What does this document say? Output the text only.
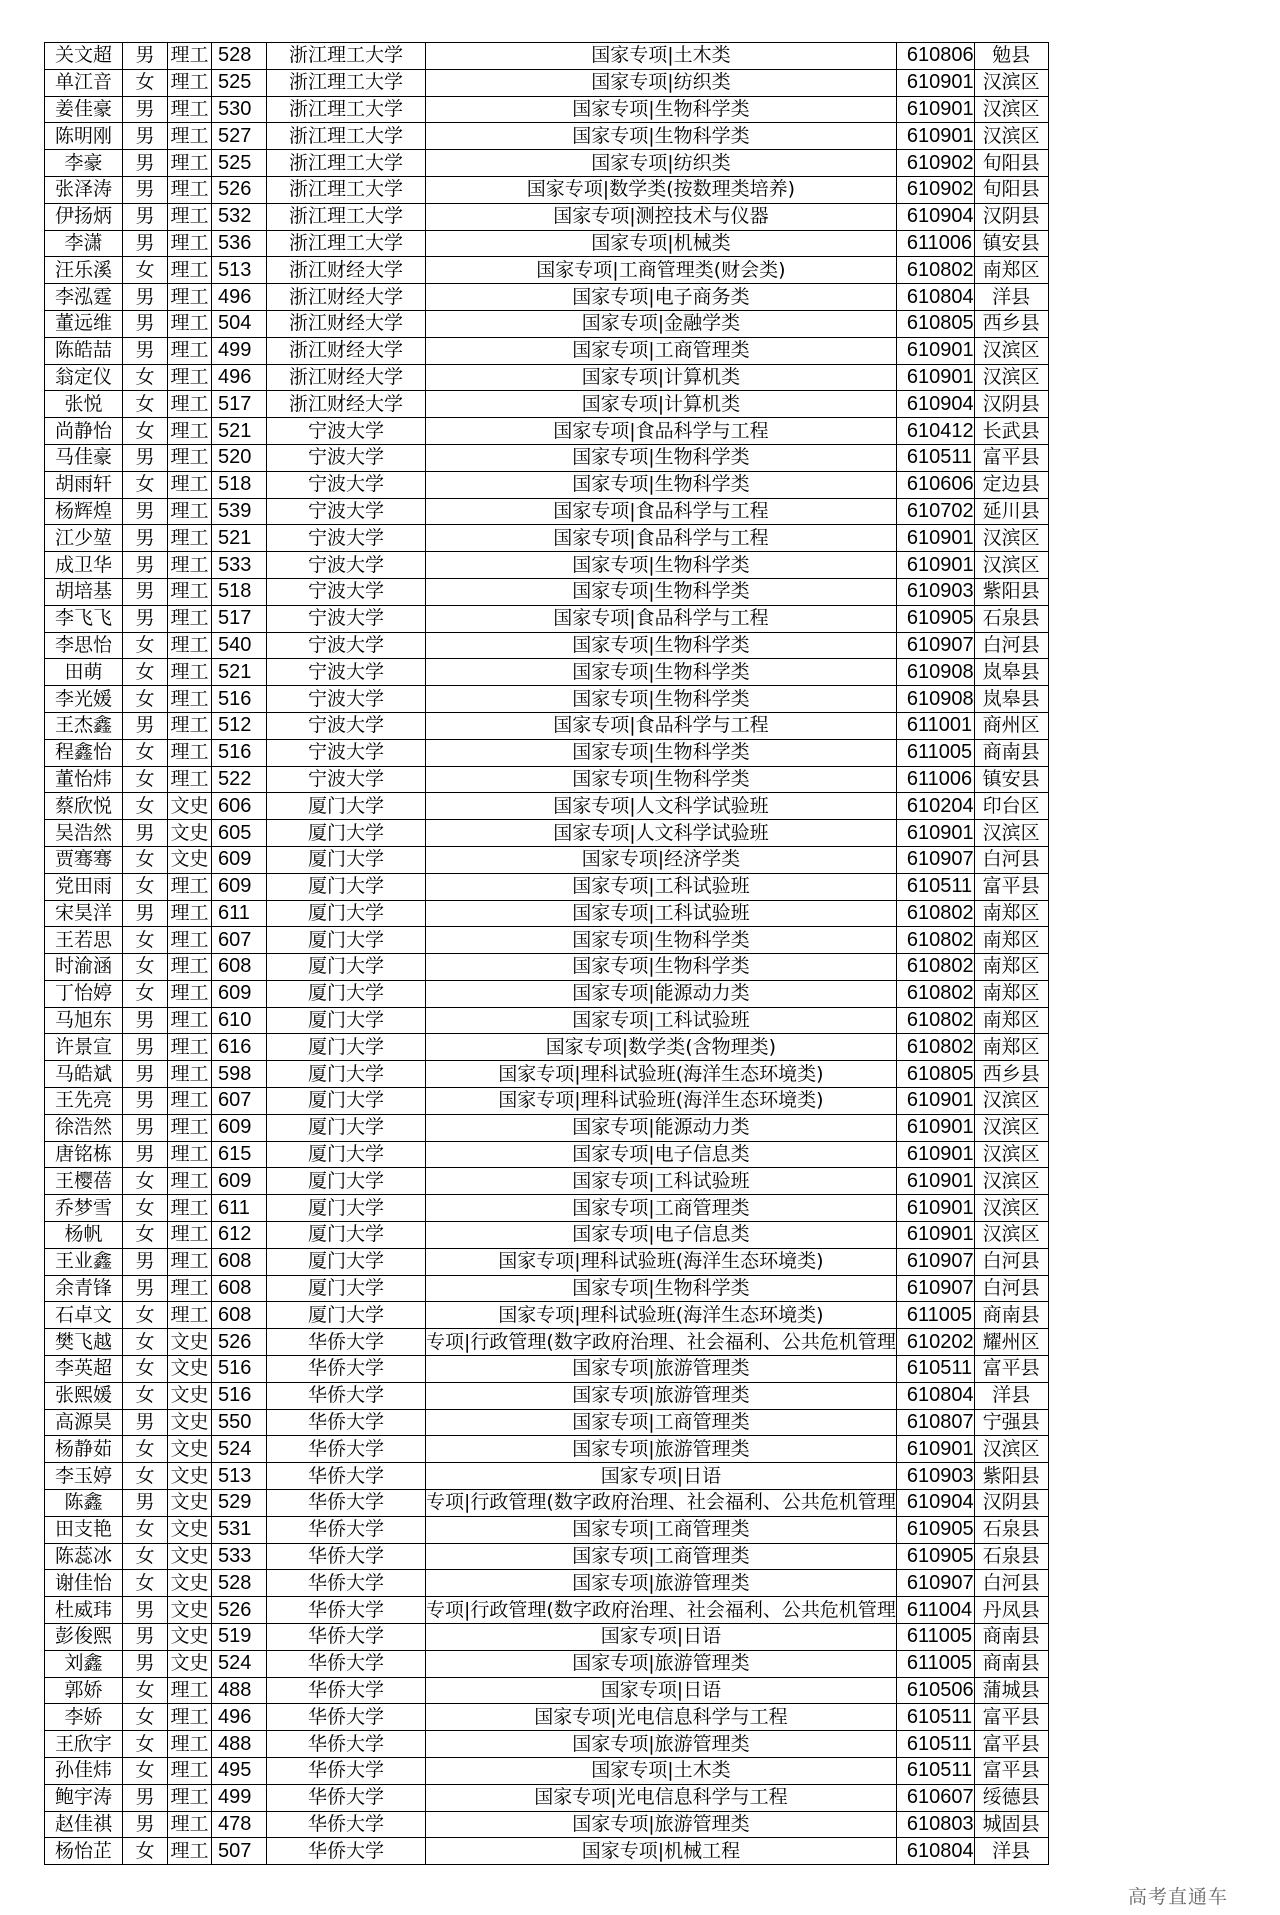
关文超	男	理工	528	浙江理工大学	国家专项|土木类	610806	勉县
单江音	女	理工	525	浙江理工大学	国家专项|纺织类	610901	汉滨区
姜佳豪	男	理工	530	浙江理工大学	国家专项|生物科学类	610901	汉滨区
陈明刚	男	理工	527	浙江理工大学	国家专项|生物科学类	610901	汉滨区
李豪	男	理工	525	浙江理工大学	国家专项|纺织类	610902	旬阳县
张泽涛	男	理工	526	浙江理工大学	国家专项|数学类(按数理类培养)	610902	旬阳县
伊扬炳	男	理工	532	浙江理工大学	国家专项|测控技术与仪器	610904	汉阴县
李潇	男	理工	536	浙江理工大学	国家专项|机械类	611006	镇安县
汪乐溪	女	理工	513	浙江财经大学	国家专项|工商管理类(财会类)	610802	南郑区
李泓霆	男	理工	496	浙江财经大学	国家专项|电子商务类	610804	洋县
董远维	男	理工	504	浙江财经大学	国家专项|金融学类	610805	西乡县
陈皓喆	男	理工	499	浙江财经大学	国家专项|工商管理类	610901	汉滨区
翁定仪	女	理工	496	浙江财经大学	国家专项|计算机类	610901	汉滨区
张悦	女	理工	517	浙江财经大学	国家专项|计算机类	610904	汉阴县
尚静怡	女	理工	521	宁波大学	国家专项|食品科学与工程	610412	长武县
马佳豪	男	理工	520	宁波大学	国家专项|生物科学类	610511	富平县
胡雨轩	女	理工	518	宁波大学	国家专项|生物科学类	610606	定边县
杨辉煌	男	理工	539	宁波大学	国家专项|食品科学与工程	610702	延川县
江少堃	男	理工	521	宁波大学	国家专项|食品科学与工程	610901	汉滨区
成卫华	男	理工	533	宁波大学	国家专项|生物科学类	610901	汉滨区
胡培基	男	理工	518	宁波大学	国家专项|生物科学类	610903	紫阳县
李飞飞	男	理工	517	宁波大学	国家专项|食品科学与工程	610905	石泉县
李思怡	女	理工	540	宁波大学	国家专项|生物科学类	610907	白河县
田萌	女	理工	521	宁波大学	国家专项|生物科学类	610908	岚皋县
李光媛	女	理工	516	宁波大学	国家专项|生物科学类	610908	岚皋县
王杰鑫	男	理工	512	宁波大学	国家专项|食品科学与工程	611001	商州区
程鑫怡	女	理工	516	宁波大学	国家专项|生物科学类	611005	商南县
董怡炜	女	理工	522	宁波大学	国家专项|生物科学类	611006	镇安县
蔡欣悦	女	文史	606	厦门大学	国家专项|人文科学试验班	610204	印台区
吴浩然	男	文史	605	厦门大学	国家专项|人文科学试验班	610901	汉滨区
贾骞骞	女	文史	609	厦门大学	国家专项|经济学类	610907	白河县
党田雨	女	理工	609	厦门大学	国家专项|工科试验班	610511	富平县
宋昊洋	男	理工	611	厦门大学	国家专项|工科试验班	610802	南郑区
王若思	女	理工	607	厦门大学	国家专项|生物科学类	610802	南郑区
时渝涵	女	理工	608	厦门大学	国家专项|生物科学类	610802	南郑区
丁怡婷	女	理工	609	厦门大学	国家专项|能源动力类	610802	南郑区
马旭东	男	理工	610	厦门大学	国家专项|工科试验班	610802	南郑区
许景宣	男	理工	616	厦门大学	国家专项|数学类(含物理类)	610802	南郑区
马皓斌	男	理工	598	厦门大学	国家专项|理科试验班(海洋生态环境类)	610805	西乡县
王先亮	男	理工	607	厦门大学	国家专项|理科试验班(海洋生态环境类)	610901	汉滨区
徐浩然	男	理工	609	厦门大学	国家专项|能源动力类	610901	汉滨区
唐铭栋	男	理工	615	厦门大学	国家专项|电子信息类	610901	汉滨区
王樱蓓	女	理工	609	厦门大学	国家专项|工科试验班	610901	汉滨区
乔梦雪	女	理工	611	厦门大学	国家专项|工商管理类	610901	汉滨区
杨帆	女	理工	612	厦门大学	国家专项|电子信息类	610901	汉滨区
王业鑫	男	理工	608	厦门大学	国家专项|理科试验班(海洋生态环境类)	610907	白河县
余青锋	男	理工	608	厦门大学	国家专项|生物科学类	610907	白河县
石卓文	女	理工	608	厦门大学	国家专项|理科试验班(海洋生态环境类)	611005	商南县
樊飞越	女	文史	526	华侨大学	专项|行政管理(数字政府治理、社会福利、公共危机管理	610202	耀州区
李英超	女	文史	516	华侨大学	国家专项|旅游管理类	610511	富平县
张熙媛	女	文史	516	华侨大学	国家专项|旅游管理类	610804	洋县
高源昊	男	文史	550	华侨大学	国家专项|工商管理类	610807	宁强县
杨静茹	女	文史	524	华侨大学	国家专项|旅游管理类	610901	汉滨区
李玉婷	女	文史	513	华侨大学	国家专项|日语	610903	紫阳县
陈鑫	男	文史	529	华侨大学	专项|行政管理(数字政府治理、社会福利、公共危机管理	610904	汉阴县
田支艳	女	文史	531	华侨大学	国家专项|工商管理类	610905	石泉县
陈蕊冰	女	文史	533	华侨大学	国家专项|工商管理类	610905	石泉县
谢佳怡	女	文史	528	华侨大学	国家专项|旅游管理类	610907	白河县
杜威玮	男	文史	526	华侨大学	专项|行政管理(数字政府治理、社会福利、公共危机管理	611004	丹凤县
彭俊熙	男	文史	519	华侨大学	国家专项|日语	611005	商南县
刘鑫	男	文史	524	华侨大学	国家专项|旅游管理类	611005	商南县
郭娇	女	理工	488	华侨大学	国家专项|日语	610506	蒲城县
李娇	女	理工	496	华侨大学	国家专项|光电信息科学与工程	610511	富平县
王欣宇	女	理工	488	华侨大学	国家专项|旅游管理类	610511	富平县
孙佳炜	女	理工	495	华侨大学	国家专项|土木类	610511	富平县
鲍宇涛	男	理工	499	华侨大学	国家专项|光电信息科学与工程	610607	绥德县
赵佳祺	男	理工	478	华侨大学	国家专项|旅游管理类	610803	城固县
杨怡芷	女	理工	507	华侨大学	国家专项|机械工程	610804	洋县
高考直通车
